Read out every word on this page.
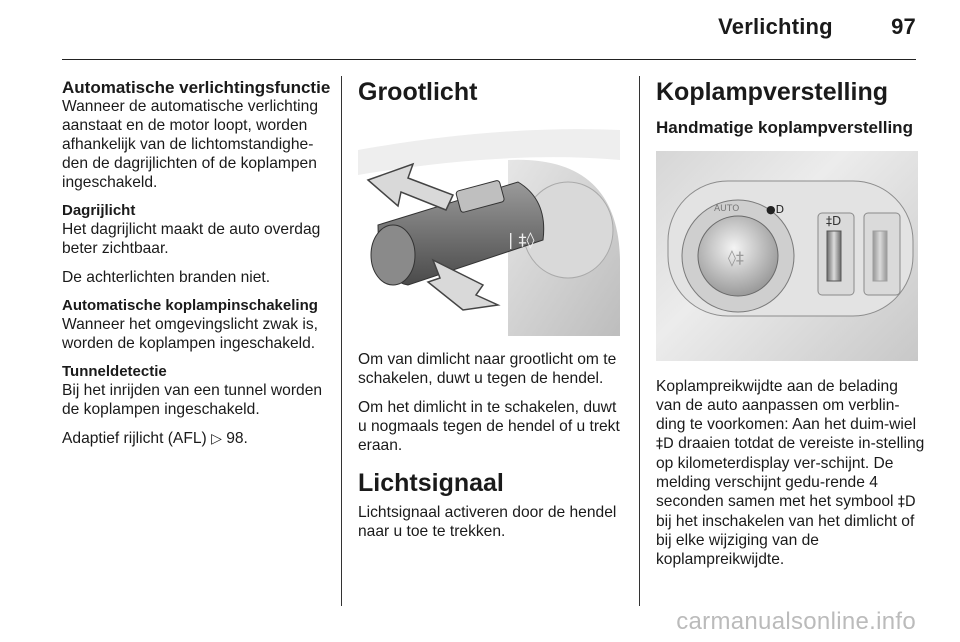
Verlichting	97
Automatische verlichtingsfunctie

Wanneer de automatische verlichting aanstaat en de motor loopt, worden afhankelijk van de lichtomstandighe-den de dagrijlichten of de koplampen ingeschakeld.

Dagrijlicht

Het dagrijlicht maakt de auto overdag beter zichtbaar.

De achterlichten branden niet.

Automatische koplampinschakeling

Wanneer het omgevingslicht zwak is, worden de koplampen ingeschakeld.

Tunneldetectie

Bij het inrijden van een tunnel worden de koplampen ingeschakeld.

Adaptief rijlicht (AFL) ▷ 98.

Grootlicht
| ‡◊

Om van dimlicht naar grootlicht om te schakelen, duwt u tegen de hendel.

Om het dimlicht in te schakelen, duwt u nogmaals tegen de hendel of u trekt eraan.

Lichtsignaal

Lichtsignaal activeren door de hendel naar u toe te trekken.

Koplampverstelling
Handmatige koplampverstelling
◊‡
AUTO ●D
‡D

Koplampreikwijdte aan de belading van de auto aanpassen om verblin-ding te voorkomen: Aan het duim-wiel ‡D draaien totdat de vereiste in-stelling op kilometerdisplay ver-schijnt. De melding verschijnt gedu-rende 4 seconden samen met het symbool ‡D bij het inschakelen van het dimlicht of bij elke wijziging van de koplampreikwijdte.

carmanualsonline.info
